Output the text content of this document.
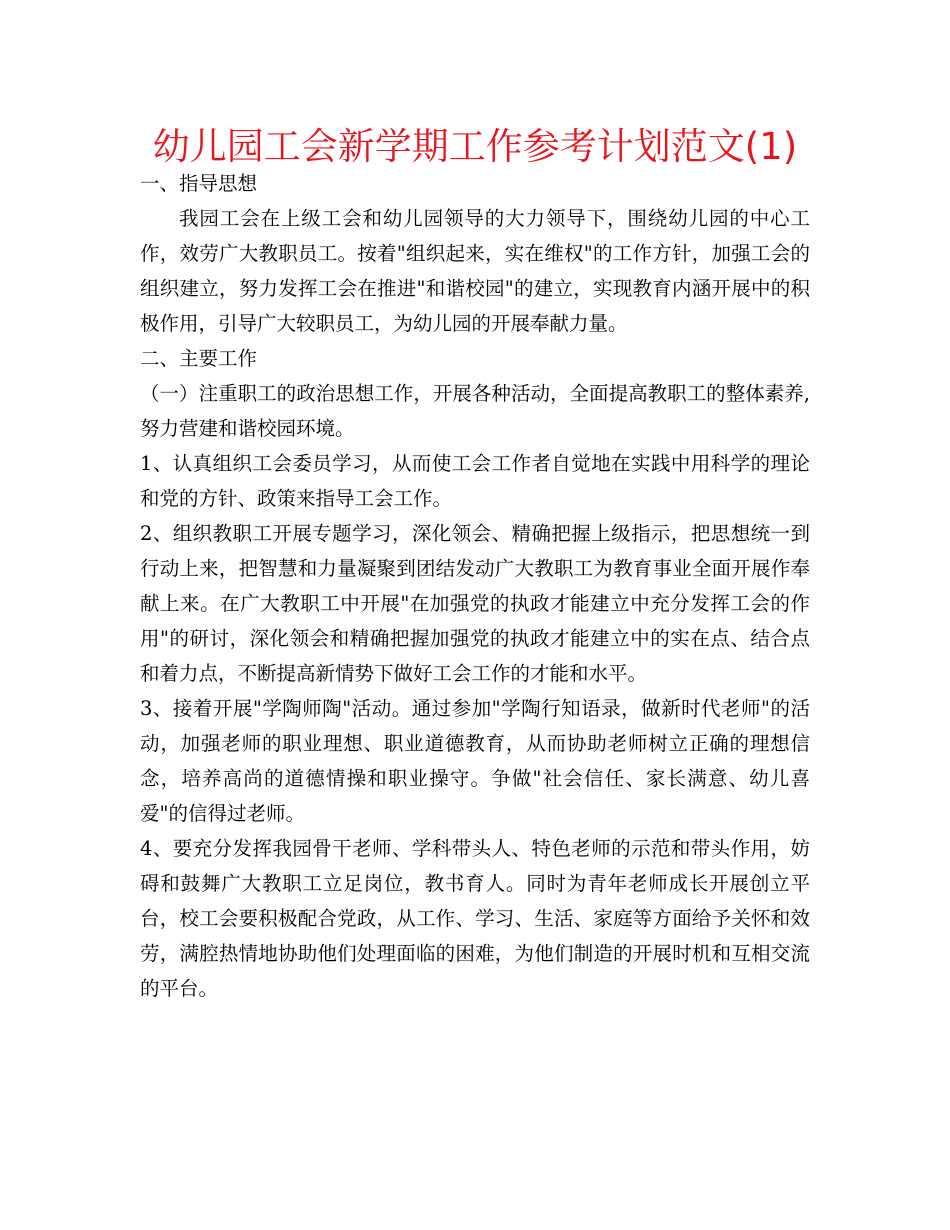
幼儿园工会新学期工作参考计划范文(1)

一、指导思想

我园工会在上级工会和幼儿园领导的大力领导下，围绕幼儿园的中心工作，效劳广大教职员工。按着"组织起来，实在维权"的工作方针，加强工会的组织建立，努力发挥工会在推进"和谐校园"的建立，实现教育内涵开展中的积极作用，引导广大较职员工，为幼儿园的开展奉献力量。

二、主要工作

（一）注重职工的政治思想工作，开展各种活动，全面提高教职工的整体素养,努力营建和谐校园环境。

1、认真组织工会委员学习，从而使工会工作者自觉地在实践中用科学的理论和党的方针、政策来指导工会工作。

2、组织教职工开展专题学习，深化领会、精确把握上级指示，把思想统一到行动上来，把智慧和力量凝聚到团结发动广大教职工为教育事业全面开展作奉献上来。在广大教职工中开展"在加强党的执政才能建立中充分发挥工会的作用"的研讨，深化领会和精确把握加强党的执政才能建立中的实在点、结合点和着力点，不断提高新情势下做好工会工作的才能和水平。

3、接着开展"学陶师陶"活动。通过参加"学陶行知语录，做新时代老师"的活动，加强老师的职业理想、职业道德教育，从而协助老师树立正确的理想信念，培养高尚的道德情操和职业操守。争做"社会信任、家长满意、幼儿喜爱"的信得过老师。

4、要充分发挥我园骨干老师、学科带头人、特色老师的示范和带头作用，妨碍和鼓舞广大教职工立足岗位，教书育人。同时为青年老师成长开展创立平台，校工会要积极配合党政，从工作、学习、生活、家庭等方面给予关怀和效劳，满腔热情地协助他们处理面临的困难，为他们制造的开展时机和互相交流的平台。
